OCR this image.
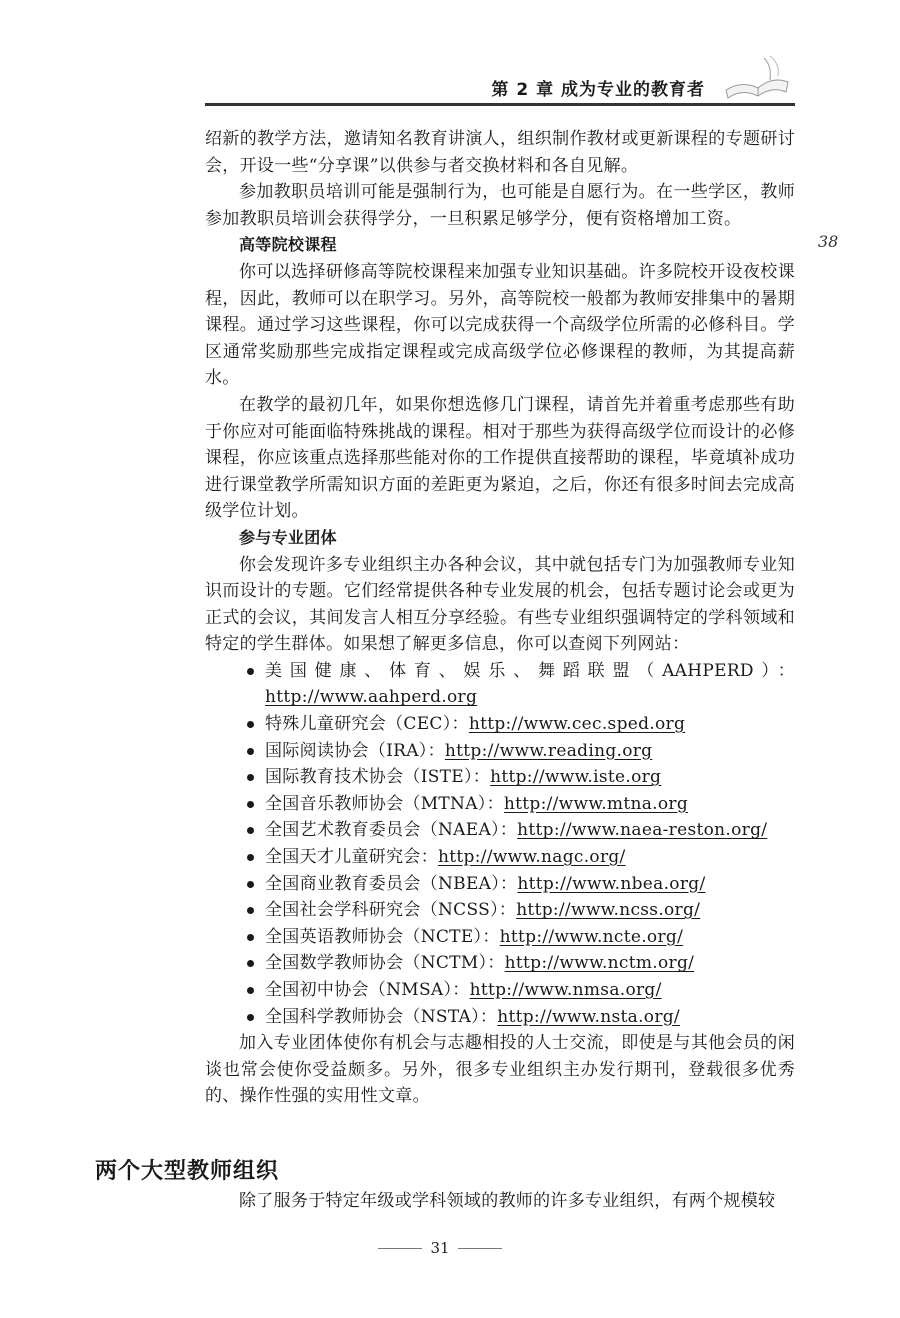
第 2 章 成为专业的教育者
38

绍新的教学方法，邀请知名教育讲演人，组织制作教材或更新课程的专题研讨会，开设一些“分享课”以供参与者交换材料和各自见解。

参加教职员培训可能是强制行为，也可能是自愿行为。在一些学区，教师参加教职员培训会获得学分，一旦积累足够学分，便有资格增加工资。

高等院校课程

你可以选择研修高等院校课程来加强专业知识基础。许多院校开设夜校课程，因此，教师可以在职学习。另外，高等院校一般都为教师安排集中的暑期课程。通过学习这些课程，你可以完成获得一个高级学位所需的必修科目。学区通常奖励那些完成指定课程或完成高级学位必修课程的教师，为其提高薪水。

在教学的最初几年，如果你想选修几门课程，请首先并着重考虑那些有助于你应对可能面临特殊挑战的课程。相对于那些为获得高级学位而设计的必修课程，你应该重点选择那些能对你的工作提供直接帮助的课程，毕竟填补成功进行课堂教学所需知识方面的差距更为紧迫，之后，你还有很多时间去完成高级学位计划。

参与专业团体

你会发现许多专业组织主办各种会议，其中就包括专门为加强教师专业知识而设计的专题。它们经常提供各种专业发展的机会，包括专题讨论会或更为正式的会议，其间发言人相互分享经验。有些专业组织强调特定的学科领域和特定的学生群体。如果想了解更多信息，你可以查阅下列网站：

美国健康、体育、娱乐、舞蹈联盟（AAHPERD）：http://www.aahperd.org
特殊儿童研究会（CEC）：http://www.cec.sped.org
国际阅读协会（IRA）：http://www.reading.org
国际教育技术协会（ISTE）：http://www.iste.org
全国音乐教师协会（MTNA）：http://www.mtna.org
全国艺术教育委员会（NAEA）：http://www.naea-reston.org/
全国天才儿童研究会：http://www.nagc.org/
全国商业教育委员会（NBEA）：http://www.nbea.org/
全国社会学科研究会（NCSS）：http://www.ncss.org/
全国英语教师协会（NCTE）：http://www.ncte.org/
全国数学教师协会（NCTM）：http://www.nctm.org/
全国初中协会（NMSA）：http://www.nmsa.org/
全国科学教师协会（NSTA）：http://www.nsta.org/

加入专业团体使你有机会与志趣相投的人士交流，即使是与其他会员的闲谈也常会使你受益颇多。另外，很多专业组织主办发行期刊，登载很多优秀的、操作性强的实用性文章。

两个大型教师组织

除了服务于特定年级或学科领域的教师的许多专业组织，有两个规模较

31
